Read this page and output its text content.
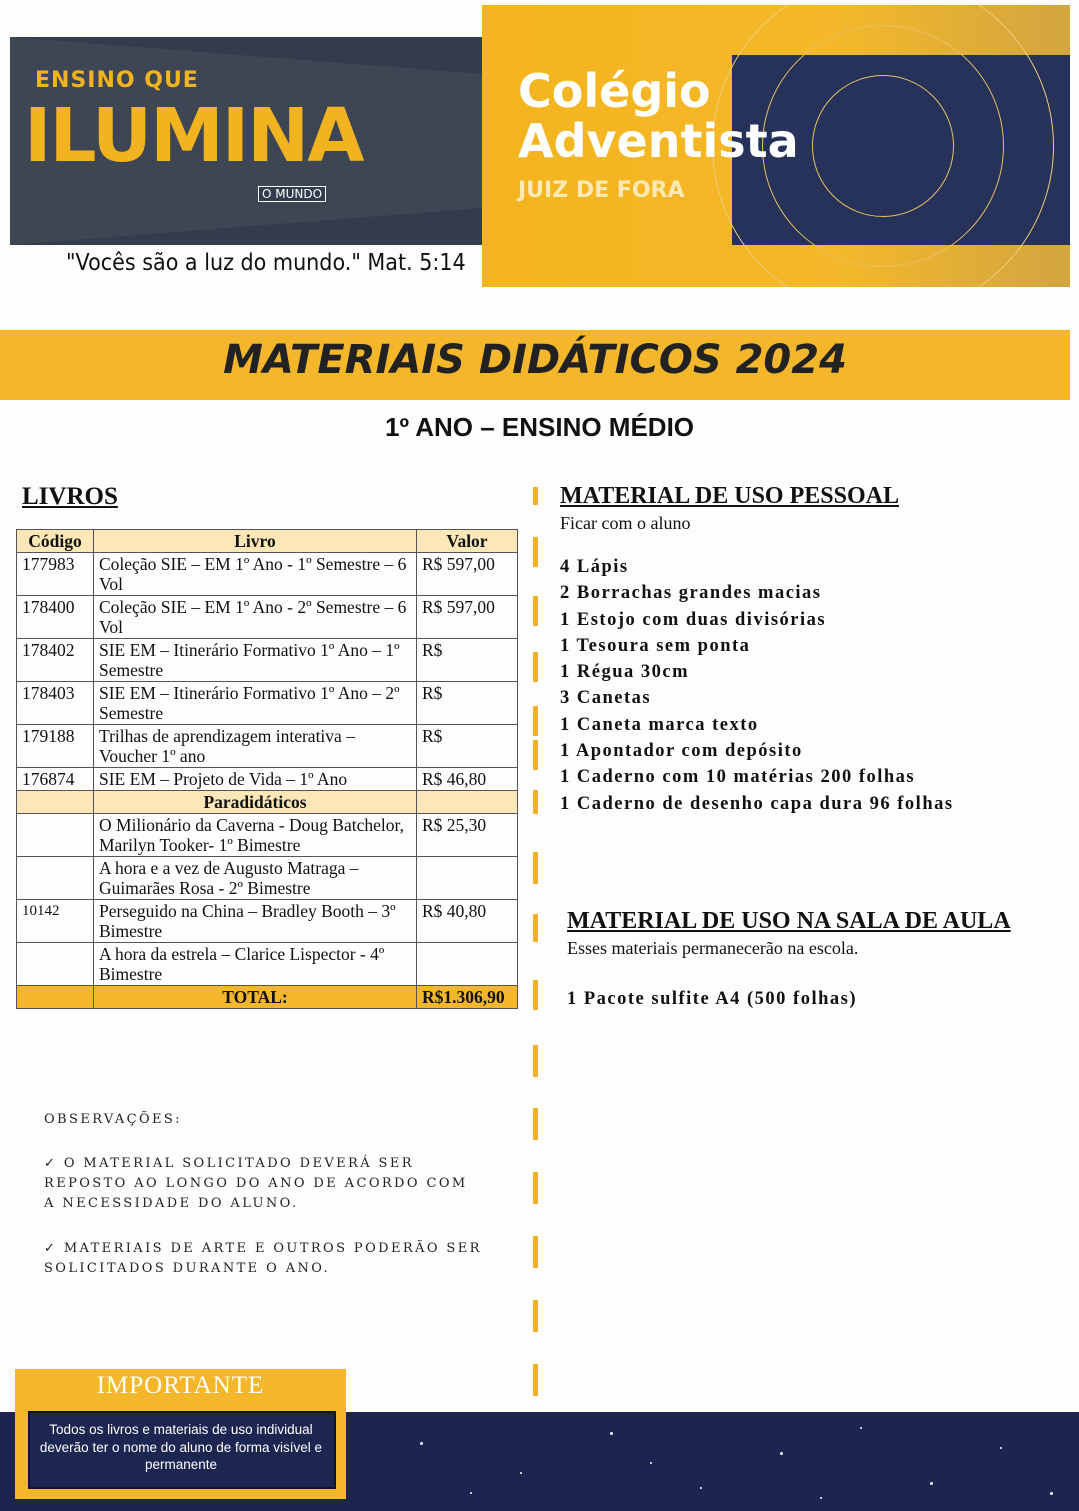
ENSINO QUE
ILUMINA
O MUNDO
"Vocês são a luz do mundo." Mat. 5:14
Colégio
Adventista
JUIZ DE FORA
MATERIAIS DIDÁTICOS 2024
1º ANO – ENSINO MÉDIO
LIVROS
Código	Livro	Valor
177983	Coleção SIE – EM 1º Ano - 1º Semestre – 6 Vol	R$ 597,00
178400	Coleção SIE – EM 1º Ano - 2º Semestre – 6 Vol	R$ 597,00
178402	SIE EM – Itinerário Formativo 1º Ano – 1º Semestre	R$
178403	SIE EM – Itinerário Formativo 1º Ano – 2º Semestre	R$
179188	Trilhas de aprendizagem interativa – Voucher 1º ano	R$
176874	SIE EM – Projeto de Vida – 1º Ano	R$ 46,80
	Paradidáticos	
	O Milionário da Caverna - Doug Batchelor, Marilyn Tooker- 1º Bimestre	R$ 25,30
	A hora e a vez de Augusto Matraga – Guimarães Rosa - 2º Bimestre	
10142	Perseguido na China – Bradley Booth – 3º Bimestre	R$ 40,80
	A hora da estrela – Clarice Lispector - 4º Bimestre	
	TOTAL:	R$1.306,90
MATERIAL DE USO PESSOAL
Ficar com o aluno
4 Lápis
2 Borrachas grandes macias
1 Estojo com duas divisórias
1 Tesoura sem ponta
1 Régua 30cm
3 Canetas
1 Caneta marca texto
1 Apontador com depósito
1 Caderno com 10 matérias 200 folhas
1 Caderno de desenho capa dura 96 folhas
MATERIAL DE USO NA SALA DE AULA
Esses materiais permanecerão na escola.
1 Pacote sulfite A4 (500 folhas)
OBSERVAÇÕES:
✓ O MATERIAL SOLICITADO DEVERÁ SER REPOSTO AO LONGO DO ANO DE ACORDO COM A NECESSIDADE DO ALUNO.
✓ MATERIAIS DE ARTE E OUTROS PODERÃO SER SOLICITADOS DURANTE O ANO.
IMPORTANTE
Todos os livros e materiais de uso individual deverão ter o nome do aluno de forma visível e permanente
